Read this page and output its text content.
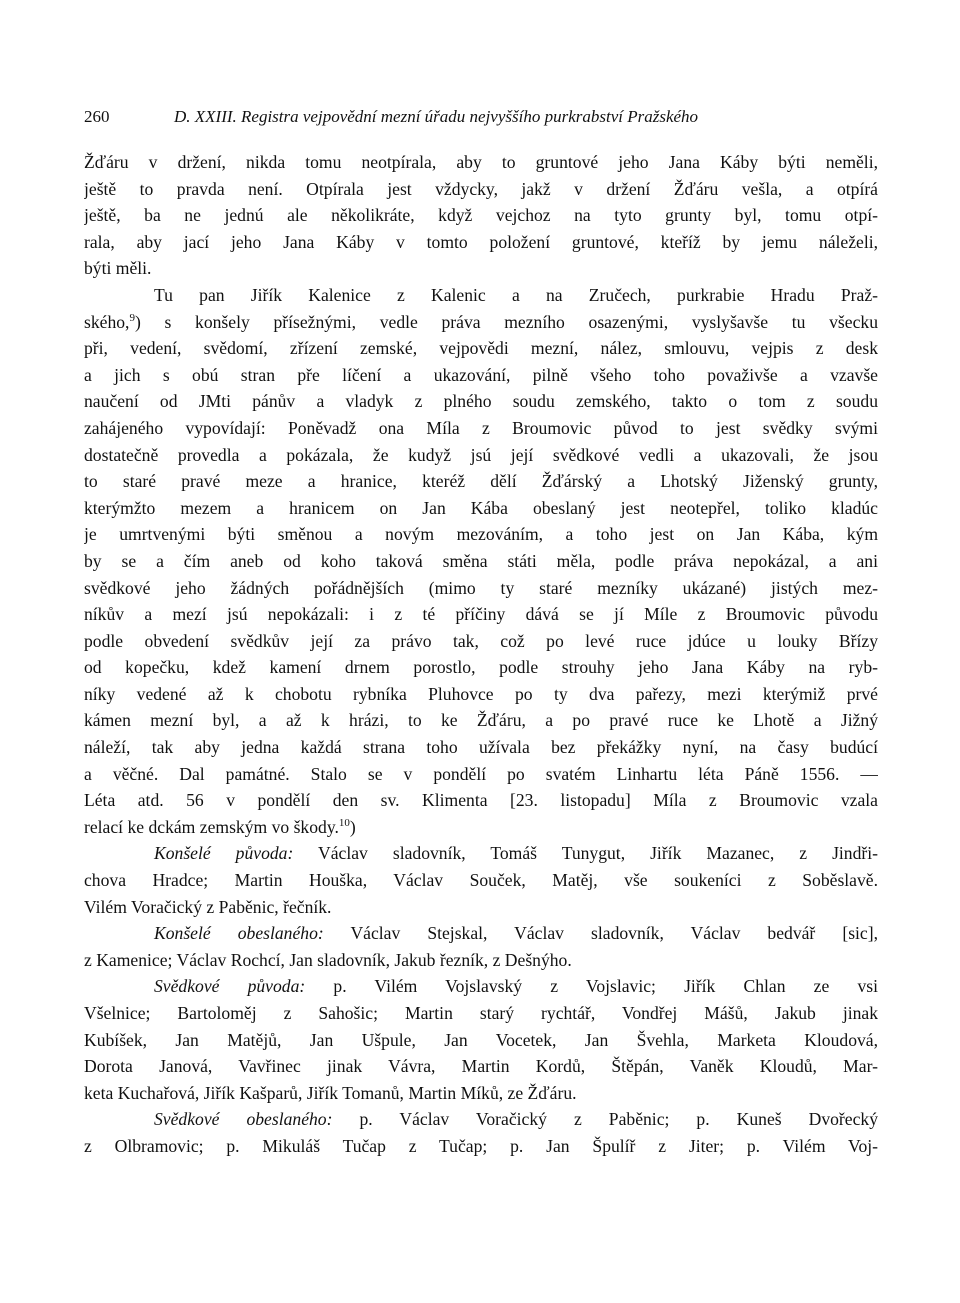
260	D. XXIII. Registra vejpovědní mezní úřadu nejvyššího purkrabství Pražského
Žďáru v držení, nikda tomu neotpírala, aby to gruntové jeho Jana Káby býti neměli,
ještě to pravda není. Otpírala jest vždycky, jakž v držení Žďáru vešla, a otpírá
ještě, ba ne jednú ale několikráte, když vejchoz na tyto grunty byl, tomu otpí-
rala, aby jací jeho Jana Káby v tomto položení gruntové, kteříž by jemu náleželi,
býti měli.
Tu pan Jiřík Kalenice z Kalenic a na Zručech, purkrabie Hradu Praž-
ského,$^9$) s konšely přísežnými, vedle práva mezního osazenými, vyslyšavše tu všecku
při, vedení, svědomí, zřízení zemské, vejpovědi mezní, nález, smlouvu, vejpis z desk
a jich s obú stran pře líčení a ukazování, pilně všeho toho považivše a vzavše
naučení od JMti pánův a vladyk z plného soudu zemského, takto o tom z soudu
zahájeného vypovídají: Poněvadž ona Míla z Broumovic původ to jest svědky svými
dostatečně provedla a pokázala, že kudyž jsú její svědkové vedli a ukazovali, že jsou
to staré pravé meze a hranice, kteréž dělí Žďárský a Lhotský Jiženský grunty,
kterýmžto mezem a hranicem on Jan Kába obeslaný jest neotepřel, toliko kladúc
je umrtvenými býti směnou a novým mezováním, a toho jest on Jan Kába, kým
by se a čím aneb od koho taková směna státi měla, podle práva nepokázal, a ani
svědkové jeho žádných pořádnějších (mimo ty staré mezníky ukázané) jistých mez-
níkův a mezí jsú nepokázali: i z té příčiny dává se jí Míle z Broumovic původu
podle obvedení svědkův její za právo tak, což po levé ruce jdúce u louky Břízy
od kopečku, kdež kamení drnem porostlo, podle strouhy jeho Jana Káby na ryb-
níky vedené až k chobotu rybníka Pluhovce po ty dva pařezy, mezi kterýmiž prvé
kámen mezní byl, a až k hrázi, to ke Žďáru, a po pravé ruce ke Lhotě a Jižný
náleží, tak aby jedna každá strana toho užívala bez překážky nyní, na časy budúcí
a věčné. Dal památné. Stalo se v pondělí po svatém Linhartu léta Páně 1556. —
Léta atd. 56 v pondělí den sv. Klimenta [23. listopadu] Míla z Broumovic vzala
relací ke dckám zemským vo škody.$^{10}$)
Konšelé původa: Václav sladovník, Tomáš Tunygut, Jiřík Mazanec, z Jindři-
chova Hradce; Martin Houška, Václav Souček, Matěj, vše soukeníci z Soběslavě.
Vilém Voračický z Paběnic, řečník.
Konšelé obeslaného: Václav Stejskal, Václav sladovník, Václav bedvář [sic],
z Kamenice; Václav Rochcí, Jan sladovník, Jakub řezník, z Dešnýho.
Svědkové původa: p. Vilém Vojslavský z Vojslavic; Jiřík Chlan ze vsi
Všelnice; Bartoloměj z Sahošic; Martin starý rychtář, Vondřej Mášů, Jakub jinak
Kubíšek, Jan Matějů, Jan Ušpule, Jan Vocetek, Jan Švehla, Marketa Kloudová,
Dorota Janová, Vavřinec jinak Vávra, Martin Kordů, Štěpán, Vaněk Kloudů, Mar-
keta Kuchařová, Jiřík Kašparů, Jiřík Tomanů, Martin Míků, ze Žďáru.
Svědkové obeslaného: p. Václav Voračický z Paběnic; p. Kuneš Dvořecký
z Olbramovic; p. Mikuláš Tučap z Tučap; p. Jan Špulíř z Jiter; p. Vilém Voj-
